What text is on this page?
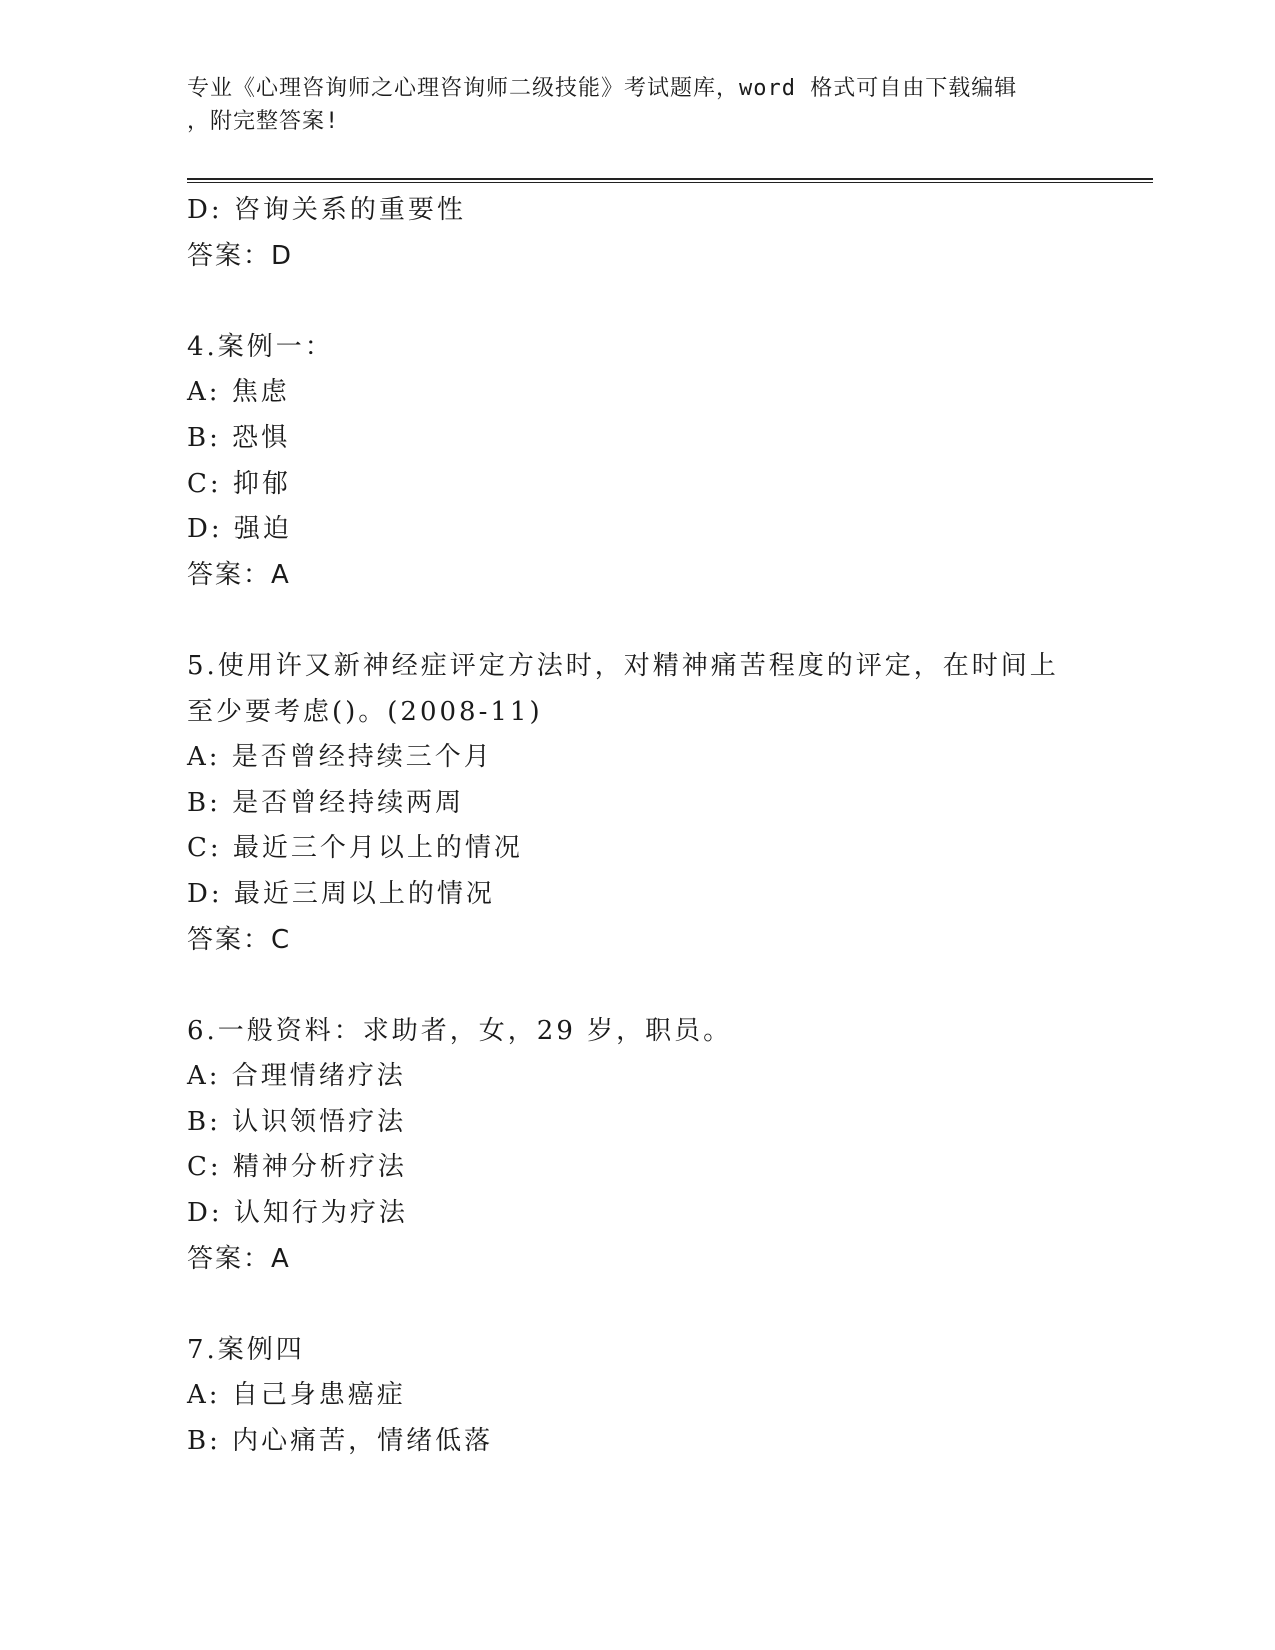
专业《心理咨询师之心理咨询师二级技能》考试题库，word 格式可自由下载编辑
，附完整答案!
D: 咨询关系的重要性
答案：D
4.案例一：
A: 焦虑
B: 恐惧
C: 抑郁
D: 强迫
答案：A
5.使用许又新神经症评定方法时，对精神痛苦程度的评定，在时间上
至少要考虑()。(2008-11)
A: 是否曾经持续三个月
B: 是否曾经持续两周
C: 最近三个月以上的情况
D: 最近三周以上的情况
答案：C
6.一般资料：求助者，女，29 岁，职员。
A: 合理情绪疗法
B: 认识领悟疗法
C: 精神分析疗法
D: 认知行为疗法
答案：A
7.案例四
A: 自己身患癌症
B: 内心痛苦，情绪低落
